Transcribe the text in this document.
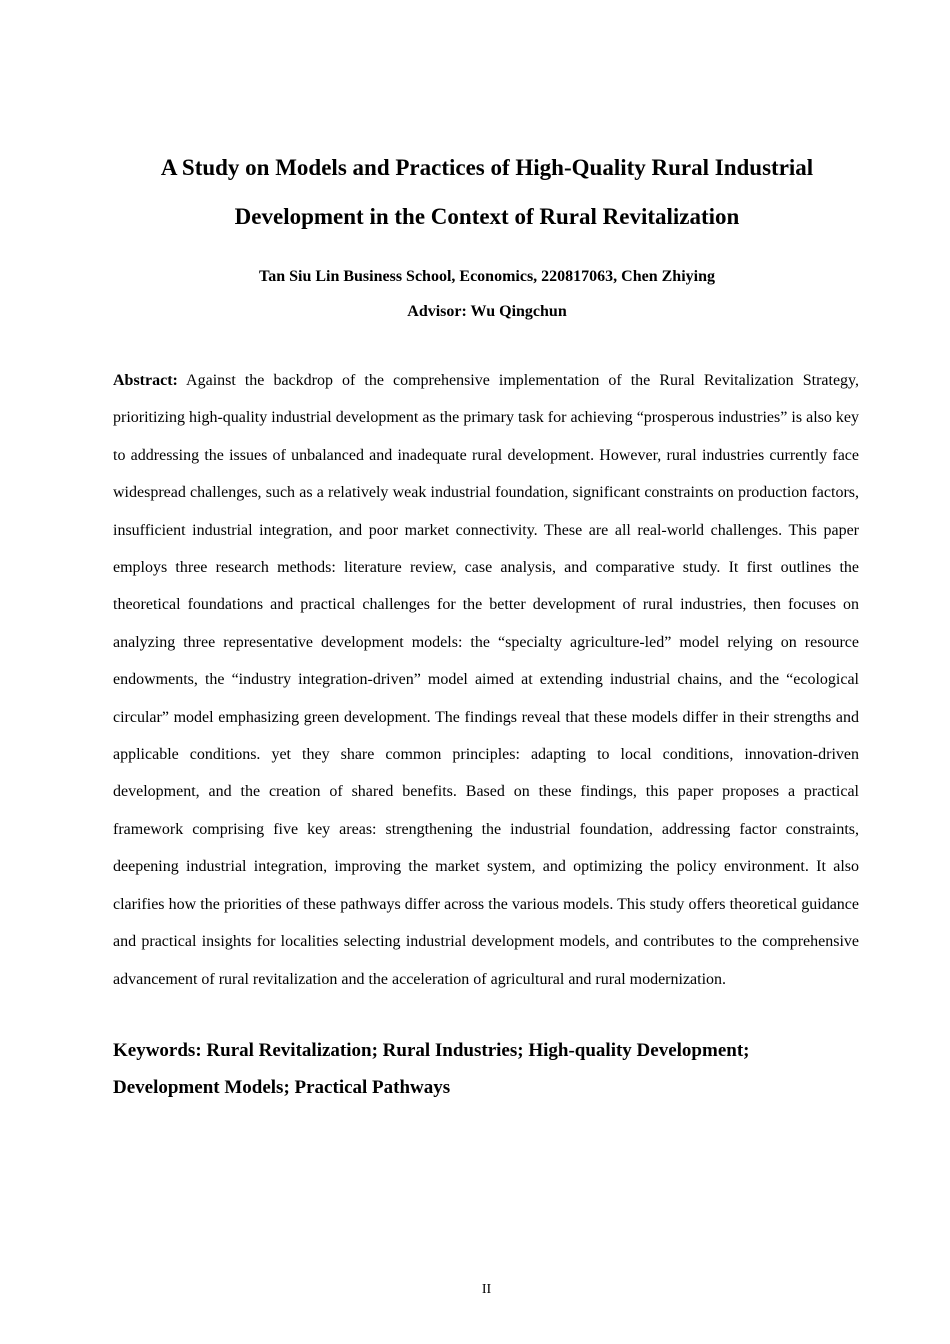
A Study on Models and Practices of High-Quality Rural Industrial
Development in the Context of Rural Revitalization
Tan Siu Lin Business School, Economics, 220817063, Chen Zhiying
Advisor: Wu Qingchun

Abstract: Against the backdrop of the comprehensive implementation of the Rural Revitalization Strategy, prioritizing high-quality industrial development as the primary task for achieving “prosperous industries” is also key to addressing the issues of unbalanced and inadequate rural development. However, rural industries currently face widespread challenges, such as a relatively weak industrial foundation, significant constraints on production factors, insufficient industrial integration, and poor market connectivity. These are all real-world challenges. This paper employs three research methods: literature review, case analysis, and comparative study. It first outlines the theoretical foundations and practical challenges for the better development of rural industries, then focuses on analyzing three representative development models: the “specialty agriculture-led” model relying on resource endowments, the “industry integration-driven” model aimed at extending industrial chains, and the “ecological circular” model emphasizing green development. The findings reveal that these models differ in their strengths and applicable conditions. yet they share common principles: adapting to local conditions, innovation-driven development, and the creation of shared benefits. Based on these findings, this paper proposes a practical framework comprising five key areas: strengthening the industrial foundation, addressing factor constraints, deepening industrial integration, improving the market system, and optimizing the policy environment. It also clarifies how the priorities of these pathways differ across the various models. This study offers theoretical guidance and practical insights for localities selecting industrial development models, and contributes to the comprehensive advancement of rural revitalization and the acceleration of agricultural and rural modernization.

Keywords: Rural Revitalization; Rural Industries; High-quality Development;
Development Models; Practical Pathways
II
